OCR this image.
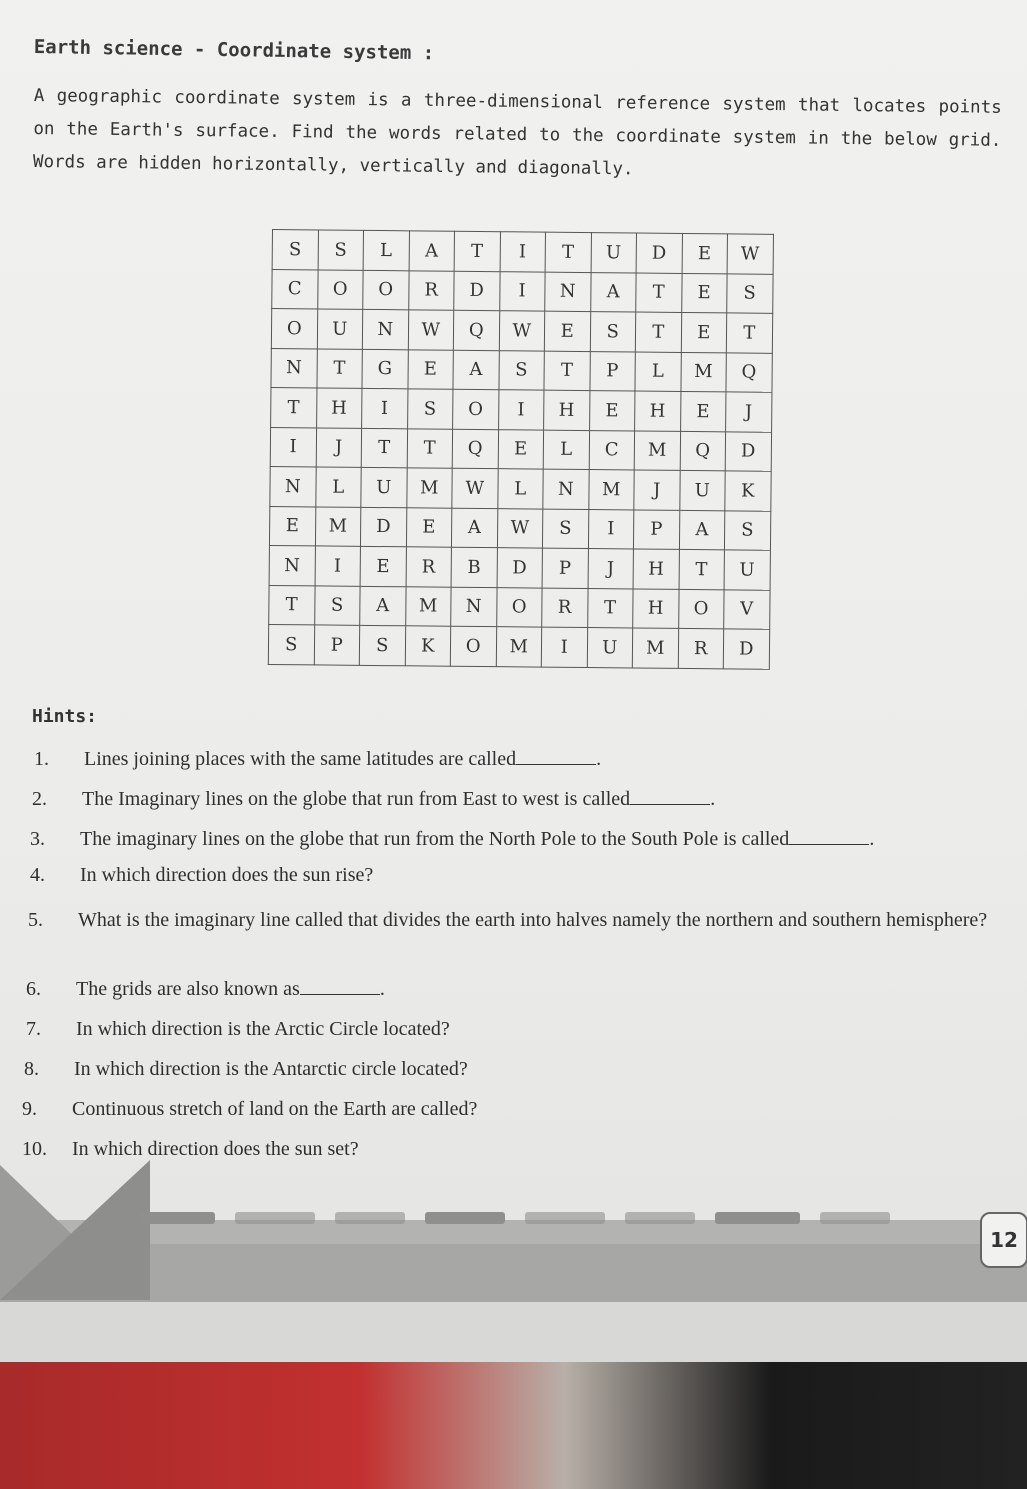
Earth science - Coordinate system :
A geographic coordinate system is a three-dimensional reference system that locates points on the Earth's surface. Find the words related to the coordinate system in the below grid. Words are hidden horizontally, vertically and diagonally.
S	S	L	A	T	I	T	U	D	E	W
C	O	O	R	D	I	N	A	T	E	S
O	U	N	W	Q	W	E	S	T	E	T
N	T	G	E	A	S	T	P	L	M	Q
T	H	I	S	O	I	H	E	H	E	J
I	J	T	T	Q	E	L	C	M	Q	D
N	L	U	M	W	L	N	M	J	U	K
E	M	D	E	A	W	S	I	P	A	S
N	I	E	R	B	D	P	J	H	T	U
T	S	A	M	N	O	R	T	H	O	V
S	P	S	K	O	M	I	U	M	R	D
Hints:
1. Lines joining places with the same latitudes are called	.
2. The Imaginary lines on the globe that run from East to west is called	.
3. The imaginary lines on the globe that run from the North Pole to the South Pole is called	.
4. In which direction does the sun rise?
5. What is the imaginary line called that divides the earth into halves namely the northern and southern hemisphere?
6. The grids are also known as	.
7. In which direction is the Arctic Circle located?
8. In which direction is the Antarctic circle located?
9. Continuous stretch of land on the Earth are called?
10. In which direction does the sun set?
12
